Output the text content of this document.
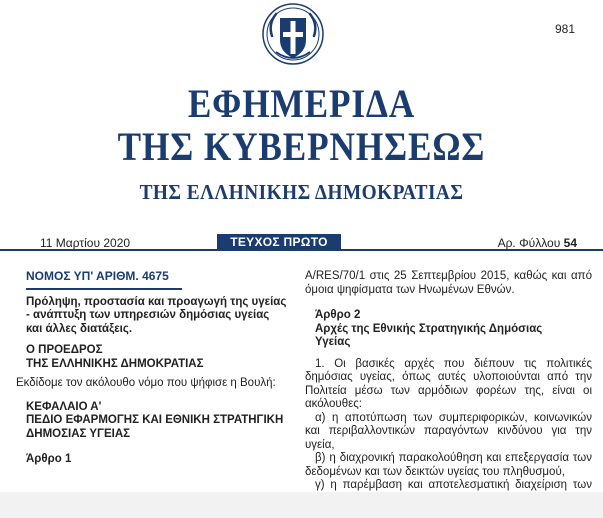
981
ΕΦΗΜΕΡΙΔΑ
ΤΗΣ ΚΥΒΕΡΝΗΣΕΩΣ
ΤΗΣ ΕΛΛΗΝΙΚΗΣ ΔΗΜΟΚΡΑΤΙΑΣ
11 Μαρτίου 2020	ΤΕΥΧΟΣ ΠΡΩΤΟ	Αρ. Φύλλου 54
ΝΟΜΟΣ ΥΠ' ΑΡΙΘΜ. 4675
Πρόληψη, προστασία και προαγωγή της υγείας - ανάπτυξη των υπηρεσιών δημόσιας υγείας και άλλες διατάξεις.
Ο ΠΡΟΕΔΡΟΣ
ΤΗΣ ΕΛΛΗΝΙΚΗΣ ΔΗΜΟΚΡΑΤΙΑΣ
Εκδίδομε τον ακόλουθο νόμο που ψήφισε η Βουλή:
ΚΕΦΑΛΑΙΟ Α'
ΠΕΔΙΟ ΕΦΑΡΜΟΓΗΣ ΚΑΙ ΕΘΝΙΚΗ ΣΤΡΑΤΗΓΙΚΗ ΔΗΜΟΣΙΑΣ ΥΓΕΙΑΣ
Άρθρο 1
A/RES/70/1 στις 25 Σεπτεμβρίου 2015, καθώς και από όμοια ψηφίσματα των Ηνωμένων Εθνών.
Άρθρο 2
Αρχές της Εθνικής Στρατηγικής Δημόσιας Υγείας
1. Οι βασικές αρχές που διέπουν τις πολιτικές δημόσιας υγείας, όπως αυτές υλοποιούνται από την Πολιτεία μέσω των αρμόδιων φορέων της, είναι οι ακόλουθες:
α) η αποτύπωση των συμπεριφορικών, κοινωνικών και περιβαλλοντικών παραγόντων κινδύνου για την υγεία,
β) η διαχρονική παρακολούθηση και επεξεργασία των δεδομένων και των δεικτών υγείας του πληθυσμού,
γ) η παρέμβαση και αποτελεσματική διαχείριση των
